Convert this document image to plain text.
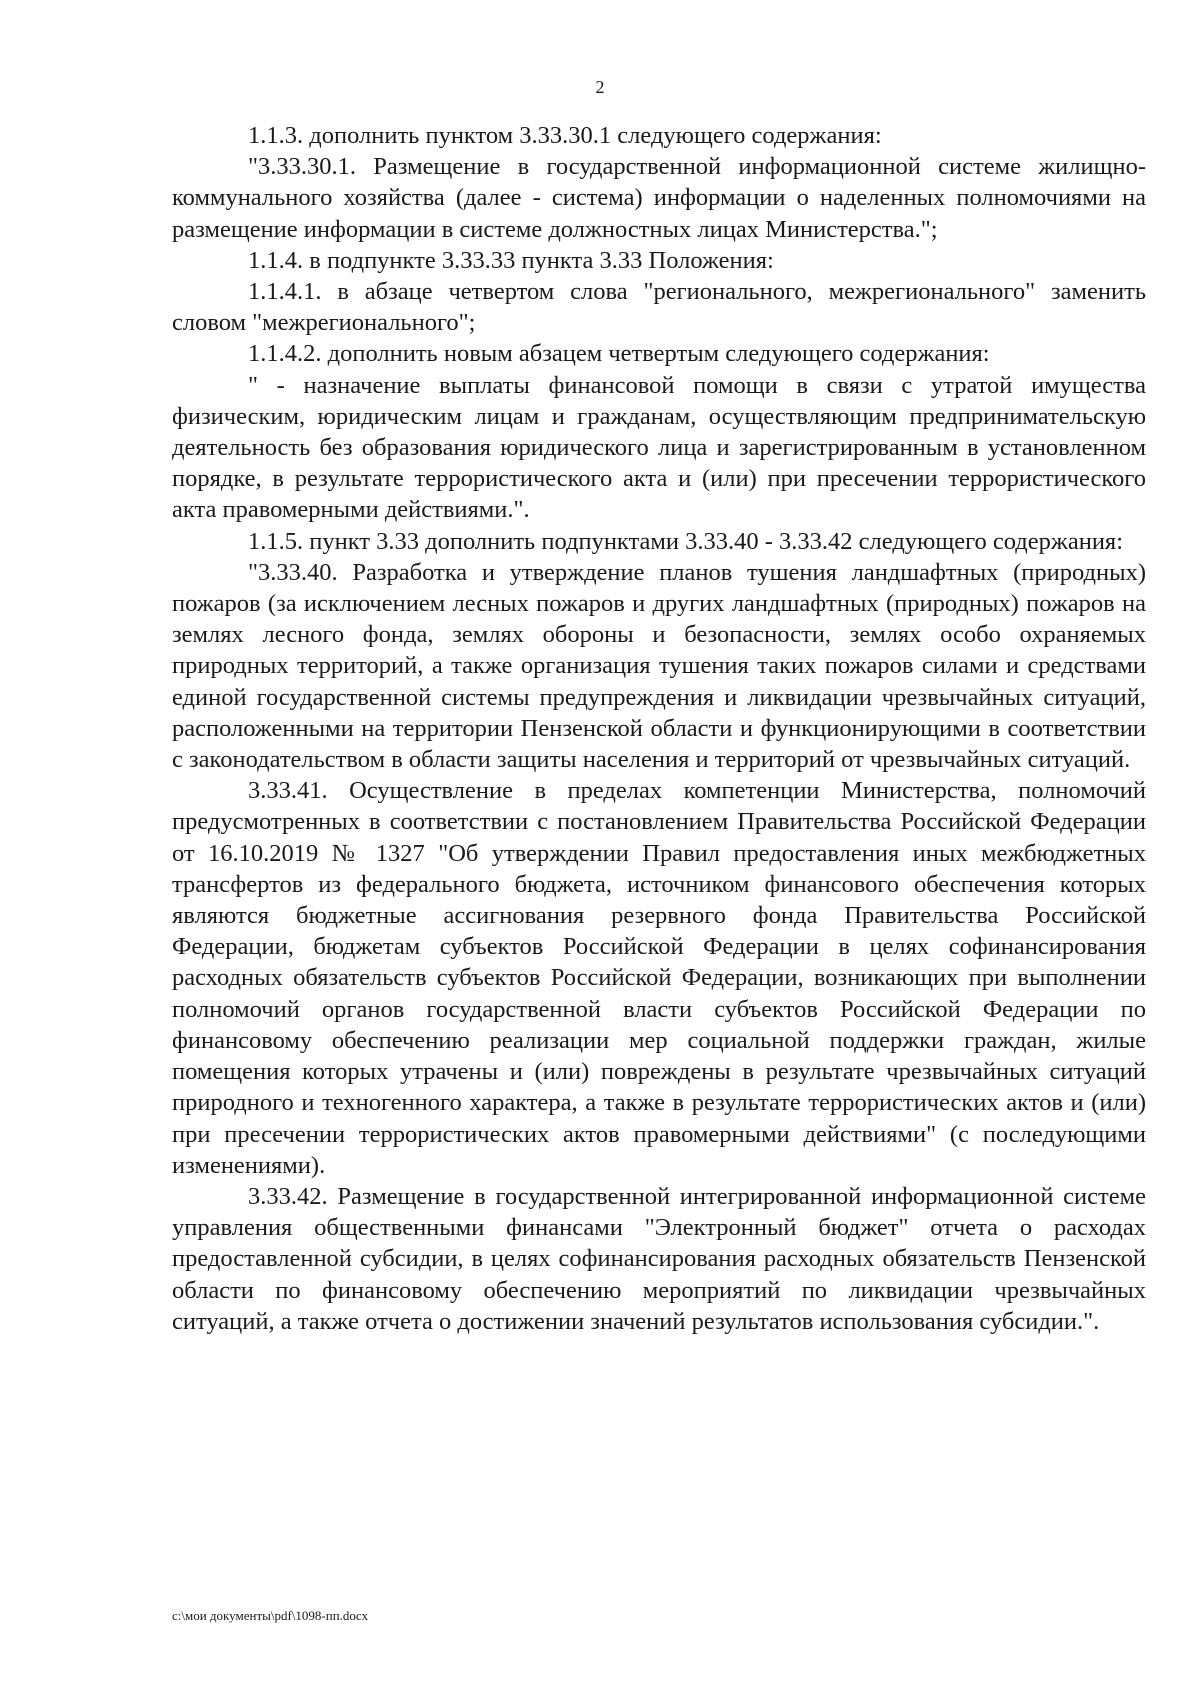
2

1.1.3. дополнить пунктом 3.33.30.1 следующего содержания:

"3.33.30.1. Размещение в государственной информационной системе жилищно-коммунального хозяйства (далее - система) информации о наделенных полномочиями на размещение информации в системе должностных лицах Министерства.";

1.1.4. в подпункте 3.33.33 пункта 3.33 Положения:

1.1.4.1. в абзаце четвертом слова "регионального, межрегионального" заменить словом "межрегионального";

1.1.4.2. дополнить новым абзацем четвертым следующего содержания:

" - назначение выплаты финансовой помощи в связи с утратой имущества физическим, юридическим лицам и гражданам, осуществляющим предпринимательскую деятельность без образования юридического лица и зарегистрированным в установленном порядке, в результате террористического акта и (или) при пресечении террористического акта правомерными действиями.".

1.1.5. пункт 3.33 дополнить подпунктами 3.33.40 - 3.33.42 следующего содержания:

"3.33.40. Разработка и утверждение планов тушения ландшафтных (природных) пожаров (за исключением лесных пожаров и других ландшафтных (природных) пожаров на землях лесного фонда, землях обороны и безопасности, землях особо охраняемых природных территорий, а также организация тушения таких пожаров силами и средствами единой государственной системы предупреждения и ликвидации чрезвычайных ситуаций, расположенными на территории Пензенской области и функционирующими в соответствии с законодательством в области защиты населения и территорий от чрезвычайных ситуаций.

3.33.41. Осуществление в пределах компетенции Министерства, полномочий предусмотренных в соответствии с постановлением Правительства Российской Федерации от 16.10.2019 № 1327 "Об утверждении Правил предоставления иных межбюджетных трансфертов из федерального бюджета, источником финансового обеспечения которых являются бюджетные ассигнования резервного фонда Правительства Российской Федерации, бюджетам субъектов Российской Федерации в целях софинансирования расходных обязательств субъектов Российской Федерации, возникающих при выполнении полномочий органов государственной власти субъектов Российской Федерации по финансовому обеспечению реализации мер социальной поддержки граждан, жилые помещения которых утрачены и (или) повреждены в результате чрезвычайных ситуаций природного и техногенного характера, а также в результате террористических актов и (или) при пресечении террористических актов правомерными действиями" (с последующими изменениями).

3.33.42. Размещение в государственной интегрированной информационной системе управления общественными финансами "Электронный бюджет" отчета о расходах предоставленной субсидии, в целях софинансирования расходных обязательств Пензенской области по финансовому обеспечению мероприятий по ликвидации чрезвычайных ситуаций, а также отчета о достижении значений результатов использования субсидии.".

c:\мои документы\pdf\1098-пп.docx
